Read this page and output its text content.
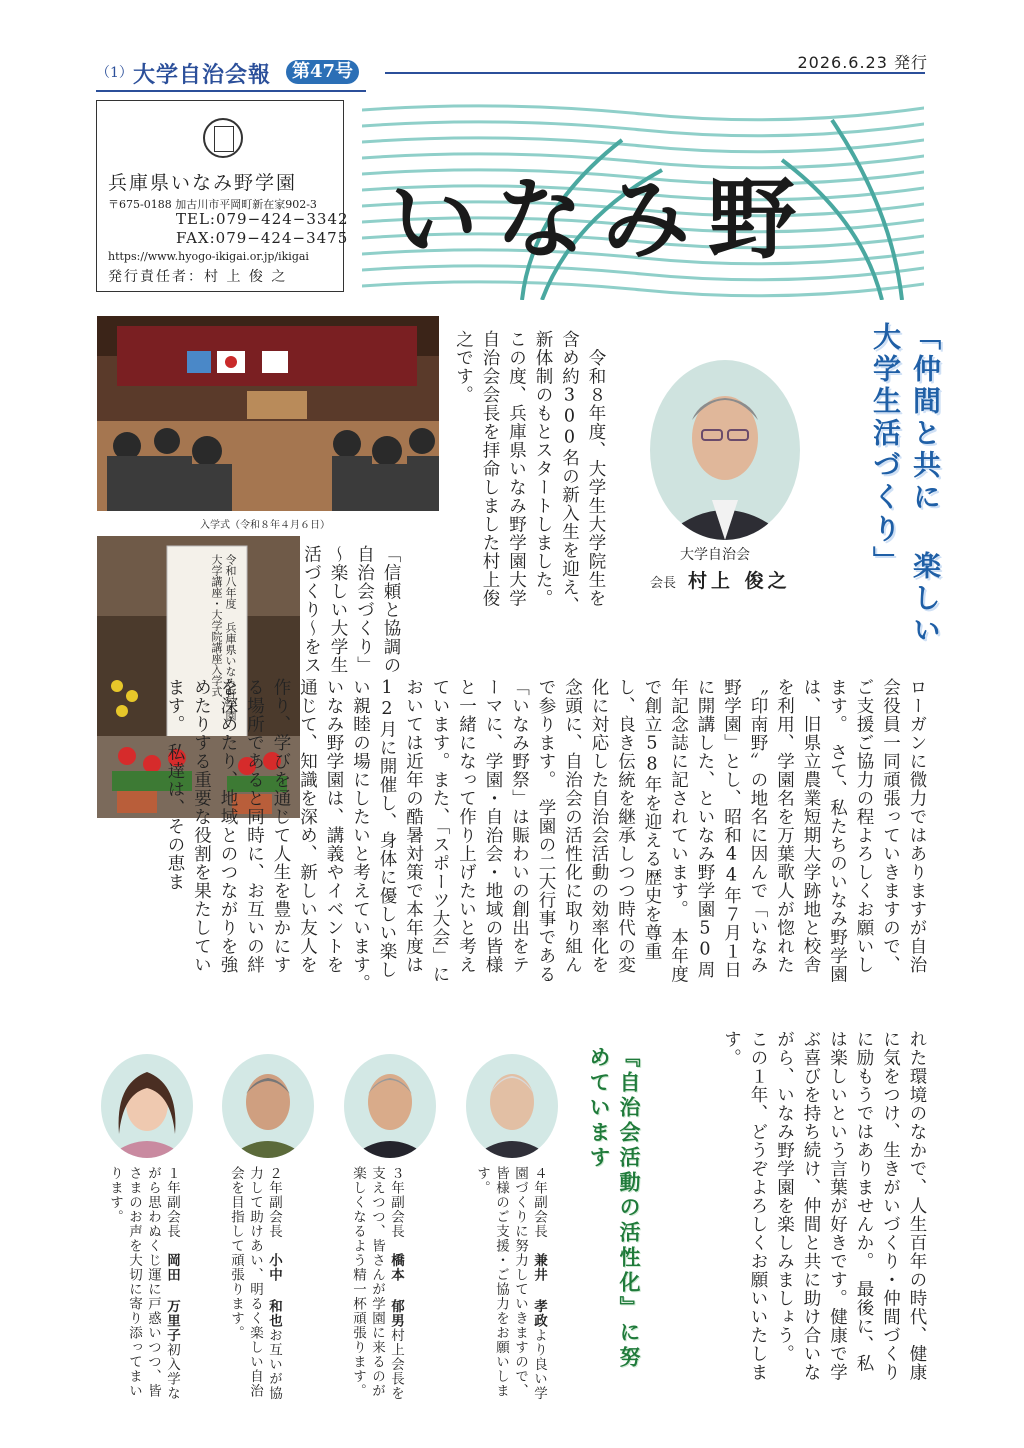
（1） 大学自治会報	第47号	2026.6.23 発行
兵庫県いなみ野学園
〒675-0188 加古川市平岡町新在家902-3
TEL:079−424−3342
FAX:079−424−3475
https://www.hyogo-ikigai.or.jp/ikigai
発行責任者：村 上 俊 之
いなみ野
入学式（令和８年４月６日）
令和八年度 兵庫県いなみ野学園 大学講座・大学院講座入学式	「仲間と共に 楽しい大学生活づくり」
大学自治会
会長 村上 俊之
　令和８年度、大学生大学院生を含め約300名の新入生を迎え、新体制のもとスタートしました。　この度、兵庫県いなみ野学園大学自治会会長を拝命しました村上俊之です。
「信頼と協調の自治会づくり」～楽しい大学生活づくり～をス
ローガンに微力ではありますが自治会役員一同頑張っていきますので、ご支援ご協力の程よろしくお願いします。　さて、私たちのいなみ野学園は、旧県立農業短期大学跡地と校舎を利用、学園名を万葉歌人が惚れた〝印南野〟の地名に因んで「いなみ野学園」とし、昭和44年７月１日に開講した、といなみ野学園50周年記念誌に記されています。　本年度で創立58年を迎える歴史を尊重し、良き伝統を継承しつつ時代の変化に対応した自治会活動の効率化を念頭に、自治会の活性化に取り組んで参ります。　学園の二大行事である「いなみ野祭」は賑わいの創出をテーマに、学園・自治会・地域の皆様と一緒になって作り上げたいと考えています。また、「スポーツ大会」においては近年の酷暑対策で本年度は12月に開催し、身体に優しい楽しい親睦の場にしたいと考えています。　いなみ野学園は、講義やイベントを通じて、知識を深め、新しい友人を作り、学びを通じて人生を豊かにする場所であると同時に、お互いの絆を深めたり、地域とのつながりを強めたりする重要な役割を果たしています。　私達は、その恵ま
れた環境のなかで、人生百年の時代、健康に気をつけ、生きがいづくり・仲間づくりに励もうではありませんか。　最後に、私は楽しいという言葉が好きです。健康で学ぶ喜びを持ち続け、仲間と共に助け合いながら、いなみ野学園を楽しみましょう。　この１年、どうぞよろしくお願いいたします。
『自治会活動の活性化』に努めています
４年副会長　兼井 孝政より良い学園づくりに努力していきますので、皆様のご支援・ご協力をお願いします。
３年副会長　橋本 郁男村上会長を支えつつ、皆さんが学園に来るのが楽しくなるよう精一杯頑張ります。
２年副会長　小中 和也お互いが協力して助けあい、明るく楽しい自治会を目指して頑張ります。
１年副会長　岡田 万里子初入学ながら思わぬくじ運に戸惑いつつ、皆さまのお声を大切に寄り添ってまいります。
